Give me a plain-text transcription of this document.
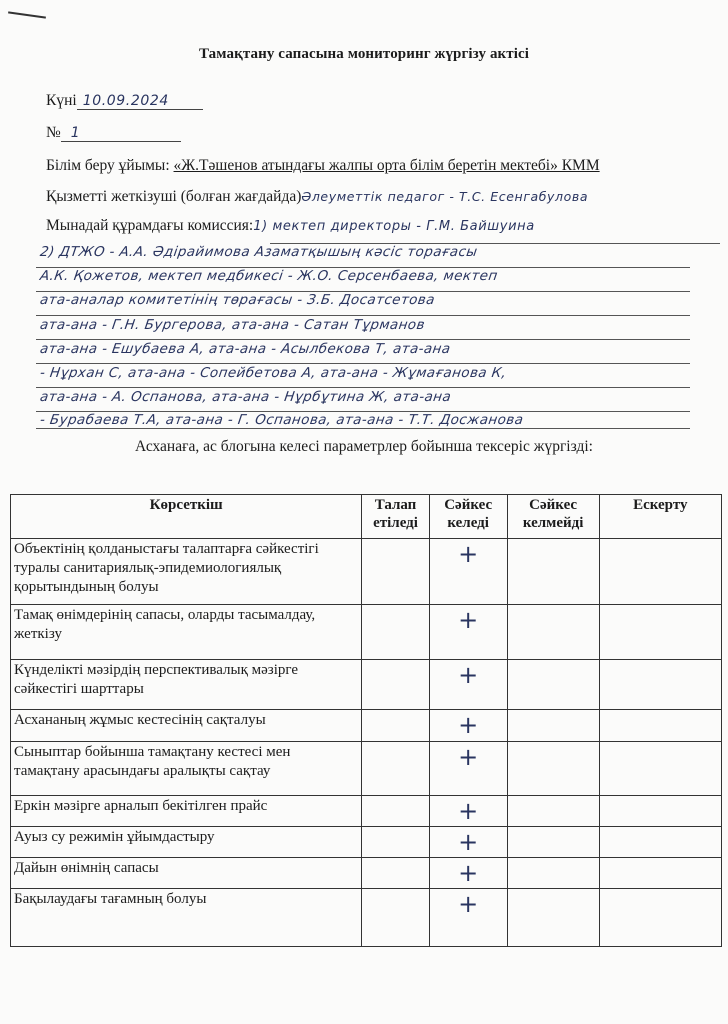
Тамақтану сапасына мониторинг жүргізу актісі
Күні 10.09.2024
№ 1
Білім беру ұйымы: «Ж.Тәшенов атындағы жалпы орта білім беретін мектебі» КММ
Қызметті жеткізуші (болған жағдайда)Әлеуметтік педагог - Т.С. Есенгабулова
Мынадай құрамдағы комиссия:1) мектеп директоры - Г.М. Байшуина
2) ДТЖО - А.А. Әдірайимова Азаматқышың кәсіс торағасы
А.К. Қожетов, мектеп медбикесі - Ж.О. Серсенбаева, мектеп
ата-аналар комитетінің төрағасы - З.Б. Досатсетова
ата-ана - Г.Н. Бургерова, ата-ана - Сатан Тұрманов
ата-ана - Ешубаева А, ата-ана - Асылбекова Т, ата-ана
- Нұрхан С, ата-ана - Сопейбетова А, ата-ана - Жұмағанова К,
ата-ана - А. Оспанова, ата-ана - Нұрбұтина Ж, ата-ана
- Бурабаева Т.А, ата-ана - Г. Оспанова, ата-ана - Т.Т. Досжанова
Асханаға, ас блогына келесі параметрлер бойынша тексеріс жүргізді:
Көрсеткіш	Талап етіледі	Сәйкес келеді	Сәйкес келмейді	Ескерту
Объектінің қолданыстағы талаптарға сәйкестігі туралы санитариялық-эпидемиологиялық қорытындының болуы		+		
Тамақ өнімдерінің сапасы, оларды тасымалдау, жеткізу		+		
Күнделікті мәзірдің перспективалық мәзірге сәйкестігі шарттары		+		
Асхананың жұмыс кестесінің сақталуы		+		
Сыныптар бойынша тамақтану кестесі мен тамақтану арасындағы аралықты сақтау		+		
Еркін мәзірге арналып бекітілген прайс		+		
Ауыз су режимін ұйымдастыру		+		
Дайын өнімнің сапасы		+		
Бақылаудағы тағамның болуы		+		
